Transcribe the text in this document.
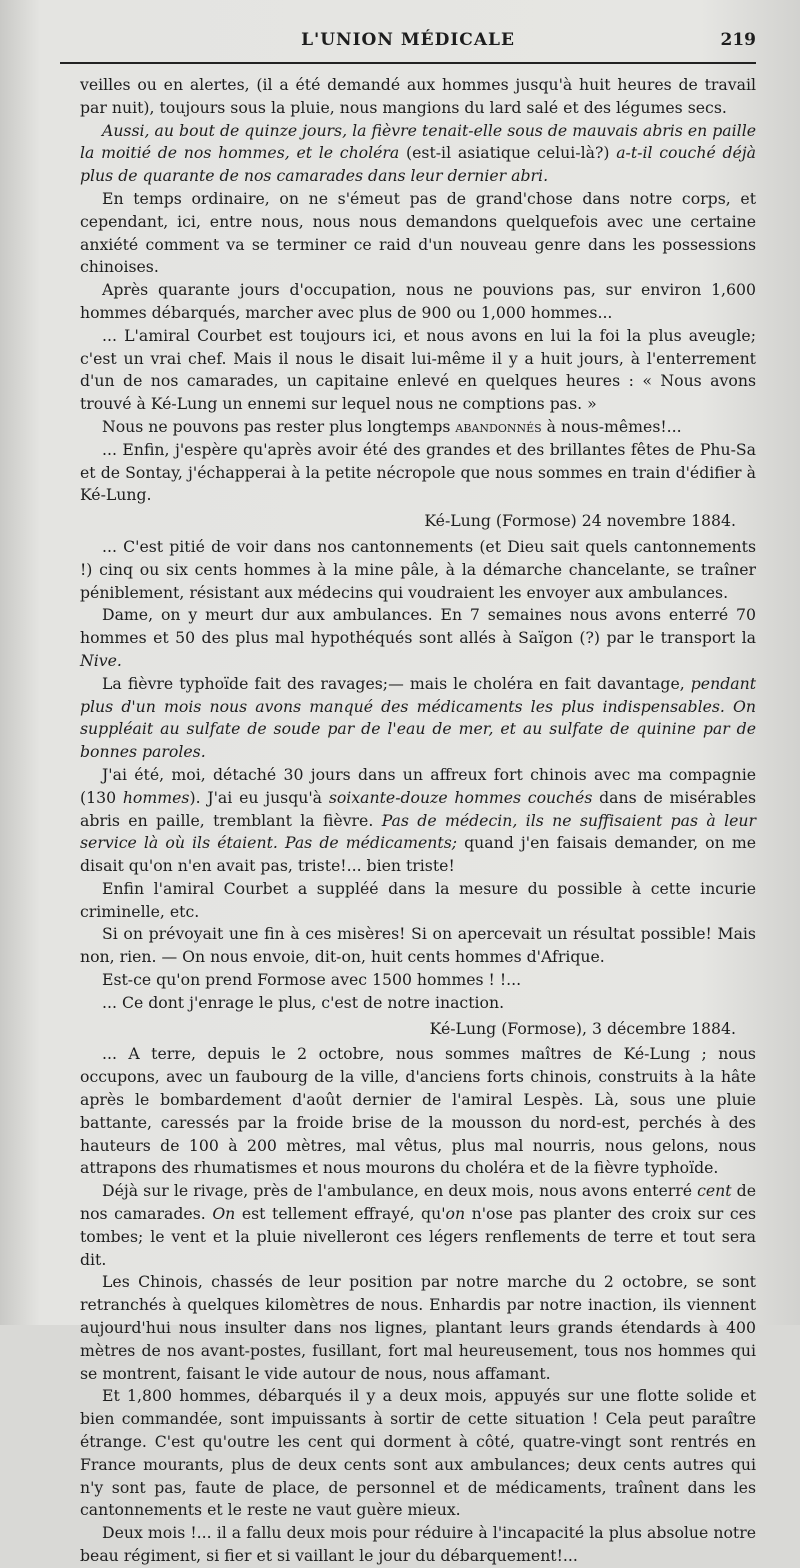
L'UNION MÉDICALE	219

veilles ou en alertes, (il a été demandé aux hommes jusqu'à huit heures de travail par nuit), toujours sous la pluie, nous mangions du lard salé et des légumes secs.

Aussi, au bout de quinze jours, la fièvre tenait-elle sous de mauvais abris en paille la moitié de nos hommes, et le choléra (est-il asiatique celui-là?) a-t-il couché déjà plus de quarante de nos camarades dans leur dernier abri.

En temps ordinaire, on ne s'émeut pas de grand'chose dans notre corps, et cependant, ici, entre nous, nous nous demandons quelquefois avec une certaine anxiété comment va se terminer ce raid d'un nouveau genre dans les possessions chinoises.

Après quarante jours d'occupation, nous ne pouvions pas, sur environ 1,600 hommes débarqués, marcher avec plus de 900 ou 1,000 hommes...

... L'amiral Courbet est toujours ici, et nous avons en lui la foi la plus aveugle; c'est un vrai chef. Mais il nous le disait lui-même il y a huit jours, à l'enterrement d'un de nos camarades, un capitaine enlevé en quelques heures : « Nous avons trouvé à Ké-Lung un ennemi sur lequel nous ne comptions pas. »

Nous ne pouvons pas rester plus longtemps abandonnés à nous-mêmes!...

... Enfin, j'espère qu'après avoir été des grandes et des brillantes fêtes de Phu-Sa et de Sontay, j'échapperai à la petite nécropole que nous sommes en train d'édifier à Ké-Lung.

Ké-Lung (Formose) 24 novembre 1884.

... C'est pitié de voir dans nos cantonnements (et Dieu sait quels cantonnements !) cinq ou six cents hommes à la mine pâle, à la démarche chancelante, se traîner péniblement, résistant aux médecins qui voudraient les envoyer aux ambulances.

Dame, on y meurt dur aux ambulances. En 7 semaines nous avons enterré 70 hommes et 50 des plus mal hypothéqués sont allés à Saïgon (?) par le transport la Nive.

La fièvre typhoïde fait des ravages;— mais le choléra en fait davantage, pendant plus d'un mois nous avons manqué des médicaments les plus indispensables. On suppléait au sulfate de soude par de l'eau de mer, et au sulfate de quinine par de bonnes paroles.

J'ai été, moi, détaché 30 jours dans un affreux fort chinois avec ma compagnie (130 hommes). J'ai eu jusqu'à soixante-douze hommes couchés dans de misérables abris en paille, tremblant la fièvre. Pas de médecin, ils ne suffisaient pas à leur service là où ils étaient. Pas de médicaments; quand j'en faisais demander, on me disait qu'on n'en avait pas, triste!... bien triste!

Enfin l'amiral Courbet a suppléé dans la mesure du possible à cette incurie criminelle, etc.

Si on prévoyait une fin à ces misères! Si on apercevait un résultat possible! Mais non, rien. — On nous envoie, dit-on, huit cents hommes d'Afrique.

Est-ce qu'on prend Formose avec 1500 hommes ! !...

... Ce dont j'enrage le plus, c'est de notre inaction.

Ké-Lung (Formose), 3 décembre 1884.

... A terre, depuis le 2 octobre, nous sommes maîtres de Ké-Lung ; nous occupons, avec un faubourg de la ville, d'anciens forts chinois, construits à la hâte après le bombardement d'août dernier de l'amiral Lespès. Là, sous une pluie battante, caressés par la froide brise de la mousson du nord-est, perchés à des hauteurs de 100 à 200 mètres, mal vêtus, plus mal nourris, nous gelons, nous attrapons des rhumatismes et nous mourons du choléra et de la fièvre typhoïde.

Déjà sur le rivage, près de l'ambulance, en deux mois, nous avons enterré cent de nos camarades. On est tellement effrayé, qu'on n'ose pas planter des croix sur ces tombes; le vent et la pluie nivelleront ces légers renflements de terre et tout sera dit.

Les Chinois, chassés de leur position par notre marche du 2 octobre, se sont retranchés à quelques kilomètres de nous. Enhardis par notre inaction, ils viennent aujourd'hui nous insulter dans nos lignes, plantant leurs grands étendards à 400 mètres de nos avant-postes, fusillant, fort mal heureusement, tous nos hommes qui se montrent, faisant le vide autour de nous, nous affamant.

Et 1,800 hommes, débarqués il y a deux mois, appuyés sur une flotte solide et bien commandée, sont impuissants à sortir de cette situation ! Cela peut paraître étrange. C'est qu'outre les cent qui dorment à côté, quatre-vingt sont rentrés en France mourants, plus de deux cents sont aux ambulances; deux cents autres qui n'y sont pas, faute de place, de personnel et de médicaments, traînent dans les cantonnements et le reste ne vaut guère mieux.

Deux mois !... il a fallu deux mois pour réduire à l'incapacité la plus absolue notre beau régiment, si fier et si vaillant le jour du débarquement!...
